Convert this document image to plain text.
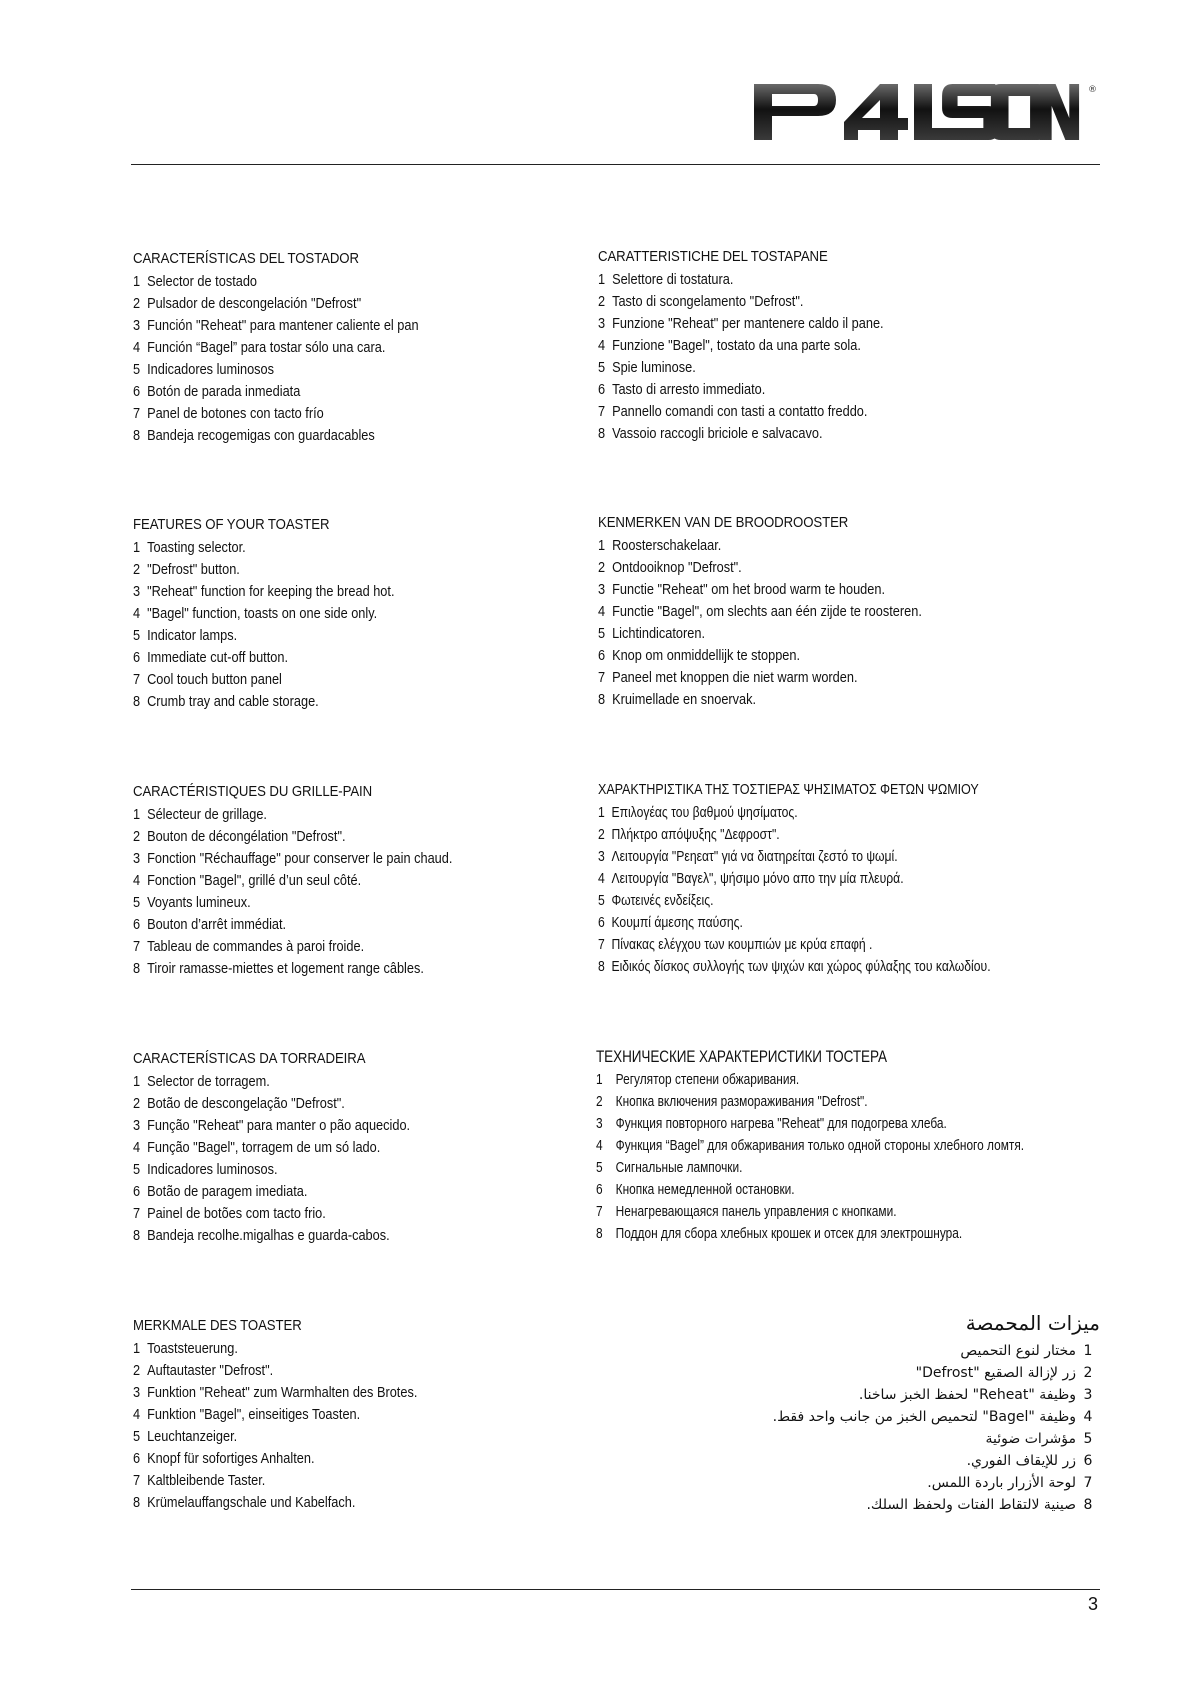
®
CARACTERÍSTICAS DEL TOSTADOR
1 Selector de tostado
2 Pulsador de descongelación "Defrost"
3 Función "Reheat" para mantener caliente el pan
4 Función “Bagel” para tostar sólo una cara.
5 Indicadores luminosos
6 Botón de parada inmediata
7 Panel de botones con tacto frío
8 Bandeja recogemigas con guardacables
CARATTERISTICHE DEL TOSTAPANE
1 Selettore di tostatura.
2 Tasto di scongelamento "Defrost".
3 Funzione "Reheat" per mantenere caldo il pane.
4 Funzione "Bagel", tostato da una parte sola.
5 Spie luminose.
6 Tasto di arresto immediato.
7 Pannello comandi con tasti a contatto freddo.
8 Vassoio raccogli briciole e salvacavo.
FEATURES OF YOUR TOASTER
1 Toasting selector.
2 "Defrost" button.
3 "Reheat" function for keeping the bread hot.
4 "Bagel" function, toasts on one side only.
5 Indicator lamps.
6 Immediate cut-off button.
7 Cool touch button panel
8 Crumb tray and cable storage.
KENMERKEN VAN DE BROODROOSTER
1 Roosterschakelaar.
2 Ontdooiknop "Defrost".
3 Functie "Reheat" om het brood warm te houden.
4 Functie "Bagel", om slechts aan één zijde te roosteren.
5 Lichtindicatoren.
6 Knop om onmiddellijk te stoppen.
7 Paneel met knoppen die niet warm worden.
8 Kruimellade en snoervak.
CARACTÉRISTIQUES DU GRILLE-PAIN
1 Sélecteur de grillage.
2 Bouton de décongélation "Defrost".
3 Fonction "Réchauffage" pour conserver le pain chaud.
4 Fonction "Bagel", grillé d’un seul côté.
5 Voyants lumineux.
6 Bouton d’arrêt immédiat.
7 Tableau de commandes à paroi froide.
8 Tiroir ramasse-miettes et logement range câbles.
ΧΑΡΑΚΤΗΡΙΣΤΙΚΑ ΤΗΣ ΤΟΣΤΙΕΡΑΣ ΨΗΣΙΜΑΤΟΣ ΦΕΤΩΝ ΨΩΜΙΟΥ
1 Επιλογέας του βαθμού ψησίματος.
2 Πλήκτρο απόψυξης "Δεφροστ".
3 Λειτουργία "Ρεηεατ" γιά να διατηρείται ζεστό το ψωμί.
4 Λειτουργία "Βαγελ", ψήσιμο μόνο απο την μία πλευρά.
5 Φωτεινές ενδείξεις.
6 Κουμπί άμεσης παύσης.
7 Πίνακας ελέγχου των κουμπιών με κρύα επαφή .
8 Ειδικός δίσκος συλλογής των ψιχών και χώρος φύλαξης του καλωδίου.
CARACTERÍSTICAS DA TORRADEIRA
1 Selector de torragem.
2 Botão de descongelação "Defrost".
3 Função "Reheat" para manter o pão aquecido.
4 Função "Bagel", torragem de um só lado.
5 Indicadores luminosos.
6 Botão de paragem imediata.
7 Painel de botões com tacto frio.
8 Bandeja recolhe.migalhas e guarda-cabos.
ТЕХНИЧЕСКИЕ ХАРАКТЕРИСТИКИ ТОСТЕРА
1 Регулятор степени обжаривания.
2 Кнопка включения размораживания "Defrost".
3 Функция повторного нагрева "Reheat" для подогрева хлеба.
4 Функция “Bagel” для обжаривания только одной стороны хлебного ломтя.
5 Сигнальные лампочки.
6 Кнопка немедленной остановки.
7 Ненагревающаяся панель управления с кнопками.
8 Поддон для сбора хлебных крошек и отсек для электрошнура.
MERKMALE DES TOASTER
1 Toaststeuerung.
2 Auftautaster "Defrost".
3 Funktion "Reheat" zum Warmhalten des Brotes.
4 Funktion "Bagel", einseitiges Toasten.
5 Leuchtanzeiger.
6 Knopf für sofortiges Anhalten.
7 Kaltbleibende Taster.
8 Krümelauffangschale und Kabelfach.
ميزات المحمصة
1
مختار لنوع التحميص
2
زر لإزالة الصقيع "Defrost"
3
وظيفة "Reheat" لحفظ الخبز ساخنا.
4
وظيفة "Bagel" لتحميص الخبز من جانب واحد فقط.
5
مؤشرات ضوئية
6
زر للإيقاف الفوري.
7
لوحة الأزرار باردة اللمس.
8
صينية لالتقاط الفتات ولحفظ السلك.
3
